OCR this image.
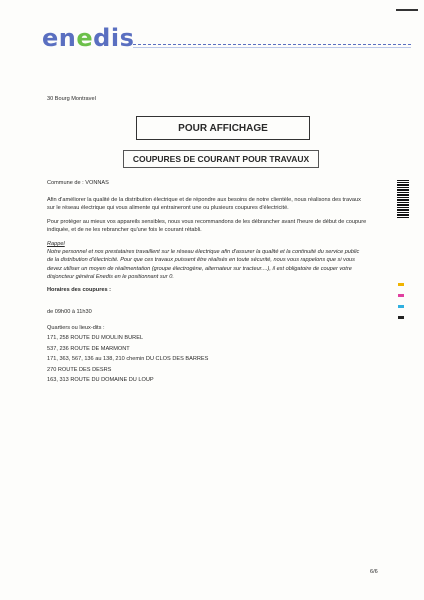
enedis
30 Bourg Montravel
POUR AFFICHAGE
COUPURES DE COURANT POUR TRAVAUX
Commune de : VONNAS
Afin d'améliorer la qualité de la distribution électrique et de répondre aux besoins de notre clientèle, nous réalisons des travaux
sur le réseau électrique qui vous alimente qui entraineront une ou plusieurs coupures d'électricité.
Pour protéger au mieux vos appareils sensibles, nous vous recommandons de les débrancher avant l'heure de début de coupure
indiquée, et de ne les rebrancher qu'une fois le courant rétabli.
Rappel
Notre personnel et nos prestataires travaillent sur le réseau électrique afin d'assurer la qualité et la continuité du service public
de la distribution d'électricité. Pour que ces travaux puissent être réalisés en toute sécurité, nous vous rappelons que si vous
devez utiliser un moyen de réalimentation (groupe électrogène, alternateur sur tracteur....), il est obligatoire de couper votre
disjoncteur général Enedis en le positionnant sur 0.
Horaires des coupures :
de 09h00 à 11h30
Quartiers ou lieux-dits :
171, 258 ROUTE DU MOULIN BUREL
537, 236 ROUTE DE MARMONT
171, 363, 567, 136 au 138, 210 chemin DU CLOS DES BARRES
270 ROUTE DES DESRS
163, 313 ROUTE DU DOMAINE DU LOUP
6/6
